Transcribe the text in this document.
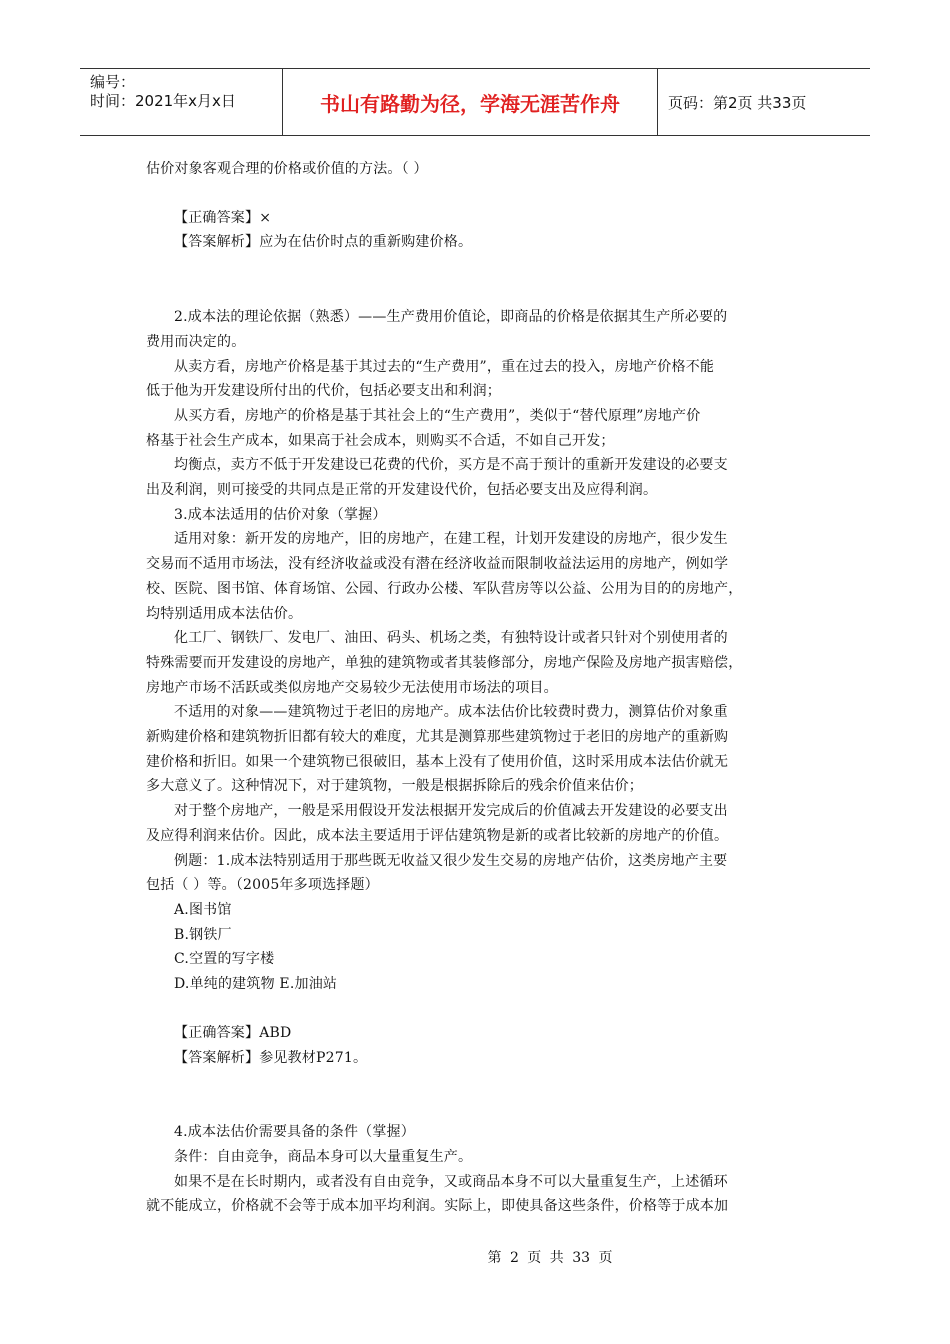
编号：
时间：2021年x月x日	书山有路勤为径，学海无涯苦作舟	页码：第2页 共33页

估价对象客观合理的价格或价值的方法。（ ）

【正确答案】×

【答案解析】应为在估价时点的重新购建价格。

2.成本法的理论依据（熟悉）——生产费用价值论，即商品的价格是依据其生产所必要的

费用而决定的。

从卖方看，房地产价格是基于其过去的“生产费用”，重在过去的投入，房地产价格不能

低于他为开发建设所付出的代价，包括必要支出和利润；

从买方看，房地产的价格是基于其社会上的“生产费用”，类似于“替代原理”房地产价

格基于社会生产成本，如果高于社会成本，则购买不合适，不如自己开发；

均衡点，卖方不低于开发建设已花费的代价，买方是不高于预计的重新开发建设的必要支

出及利润，则可接受的共同点是正常的开发建设代价，包括必要支出及应得利润。

3.成本法适用的估价对象（掌握）

适用对象：新开发的房地产，旧的房地产，在建工程，计划开发建设的房地产，很少发生

交易而不适用市场法，没有经济收益或没有潜在经济收益而限制收益法运用的房地产，例如学

校、医院、图书馆、体育场馆、公园、行政办公楼、军队营房等以公益、公用为目的的房地产，

均特别适用成本法估价。

化工厂、钢铁厂、发电厂、油田、码头、机场之类，有独特设计或者只针对个别使用者的

特殊需要而开发建设的房地产，单独的建筑物或者其装修部分，房地产保险及房地产损害赔偿，

房地产市场不活跃或类似房地产交易较少无法使用市场法的项目。

不适用的对象——建筑物过于老旧的房地产。成本法估价比较费时费力，测算估价对象重

新购建价格和建筑物折旧都有较大的难度，尤其是测算那些建筑物过于老旧的房地产的重新购

建价格和折旧。如果一个建筑物已很破旧，基本上没有了使用价值，这时采用成本法估价就无

多大意义了。这种情况下，对于建筑物，一般是根据拆除后的残余价值来估价；

对于整个房地产，一般是采用假设开发法根据开发完成后的价值减去开发建设的必要支出

及应得利润来估价。因此，成本法主要适用于评估建筑物是新的或者比较新的房地产的价值。

例题：1.成本法特别适用于那些既无收益又很少发生交易的房地产估价，这类房地产主要

包括（ ）等。（2005年多项选择题）

A.图书馆

B.钢铁厂

C.空置的写字楼

D.单纯的建筑物 E.加油站

【正确答案】ABD

【答案解析】参见教材P271。

4.成本法估价需要具备的条件（掌握）

条件：自由竞争，商品本身可以大量重复生产。

如果不是在长时期内，或者没有自由竞争，又或商品本身不可以大量重复生产，上述循环

就不能成立，价格就不会等于成本加平均利润。实际上，即使具备这些条件，价格等于成本加

第 2 页 共 33 页
